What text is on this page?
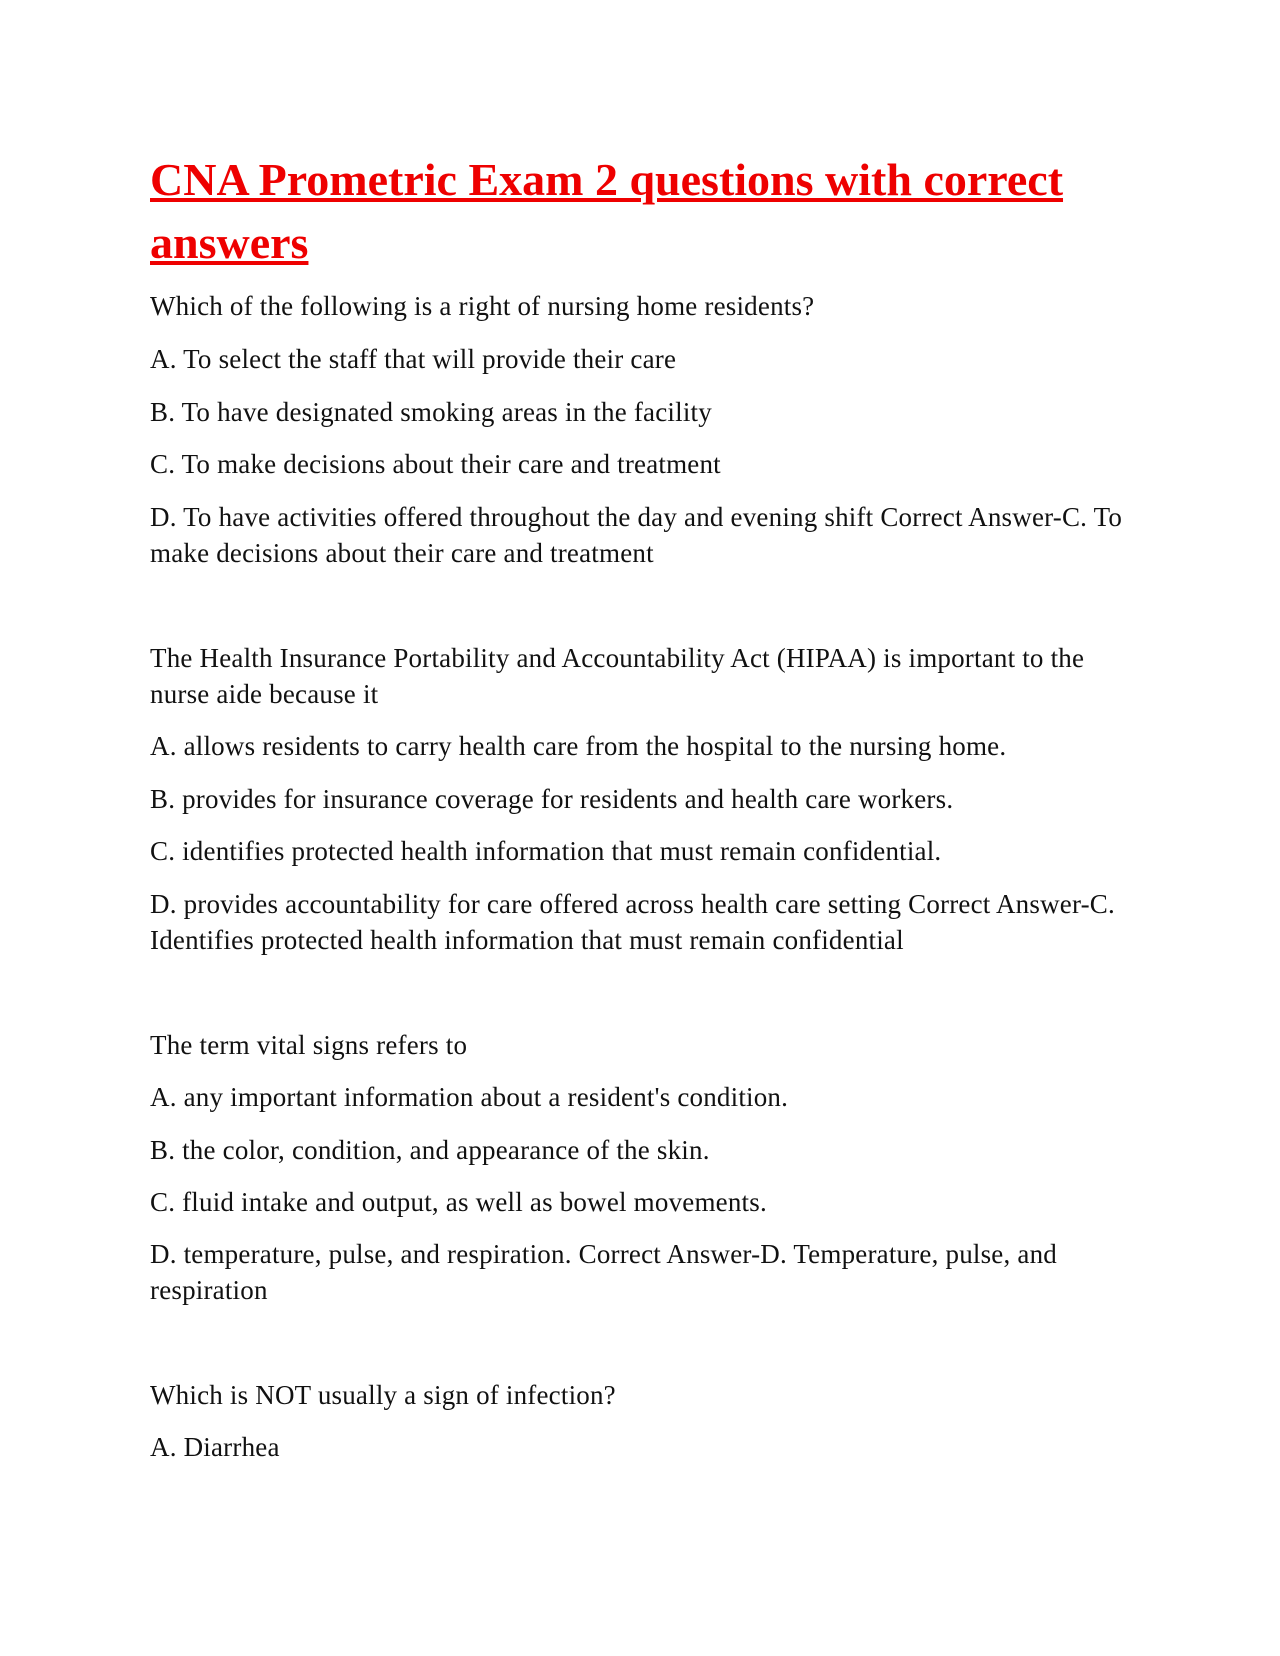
CNA Prometric Exam 2 questions with correct answers

Which of the following is a right of nursing home residents?

A. To select the staff that will provide their care

B. To have designated smoking areas in the facility

C. To make decisions about their care and treatment

D. To have activities offered throughout the day and evening shift Correct Answer-C. To make decisions about their care and treatment

The Health Insurance Portability and Accountability Act (HIPAA) is important to the nurse aide because it

A. allows residents to carry health care from the hospital to the nursing home.

B. provides for insurance coverage for residents and health care workers.

C. identifies protected health information that must remain confidential.

D. provides accountability for care offered across health care setting Correct Answer-C. Identifies protected health information that must remain confidential

The term vital signs refers to

A. any important information about a resident's condition.

B. the color, condition, and appearance of the skin.

C. fluid intake and output, as well as bowel movements.

D. temperature, pulse, and respiration. Correct Answer-D. Temperature, pulse, and respiration

Which is NOT usually a sign of infection?

A. Diarrhea
